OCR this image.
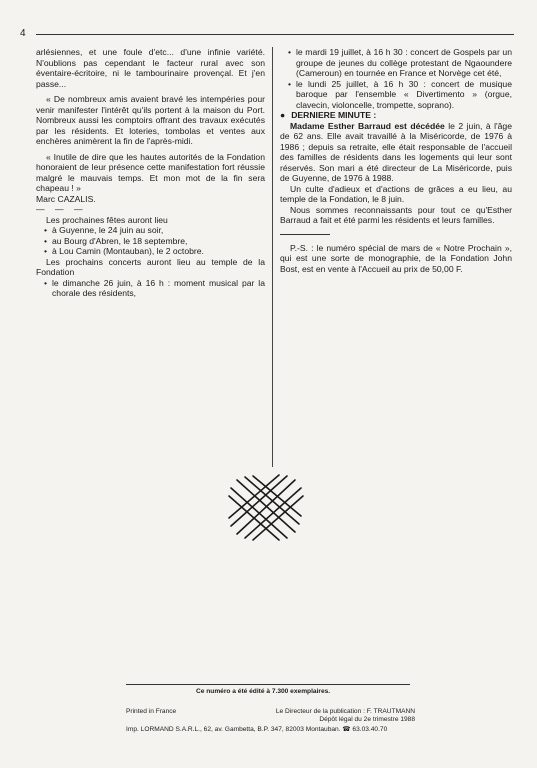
4

arlésiennes, et une foule d'etc... d'une infinie variété. N'oublions pas cependant le facteur rural avec son éventaire-écritoire, ni le tambourinaire provençal. Et j'en passe...

« De nombreux amis avaient bravé les intempéries pour venir manifester l'intérêt qu'ils portent à la maison du Port. Nombreux aussi les comptoirs offrant des travaux exécutés par les résidents. Et loteries, tombolas et ventes aux enchères animèrent la fin de l'après-midi.

« Inutile de dire que les hautes autorités de la Fondation honoraient de leur présence cette manifestation fort réussie malgré le mauvais temps. Et mon mot de la fin sera chapeau ! »

Marc CAZALIS.

— — —

Les prochaines fêtes auront lieu

• à Guyenne, le 24 juin au soir,

• au Bourg d'Abren, le 18 septembre,

• à Lou Camin (Montauban), le 2 octobre.

Les prochains concerts auront lieu au temple de la Fondation

• le dimanche 26 juin, à 16 h : moment musical par la chorale des résidents,

• le mardi 19 juillet, à 16 h 30 : concert de Gospels par un groupe de jeunes du collège protestant de Ngaoundere (Cameroun) en tournée en France et Norvège cet été,

• le lundi 25 juillet, à 16 h 30 : concert de musique baroque par l'ensemble « Divertimento » (orgue, clavecin, violoncelle, trompette, soprano).

● DERNIERE MINUTE :

Madame Esther Barraud est décédée le 2 juin, à l'âge de 62 ans. Elle avait travaillé à la Miséricorde, de 1976 à 1986 ; depuis sa retraite, elle était responsable de l'accueil des familles de résidents dans les logements qui leur sont réservés. Son mari a été directeur de La Miséricorde, puis de Guyenne, de 1976 à 1988.

Un culte d'adieux et d'actions de grâces a eu lieu, au temple de la Fondation, le 8 juin.

Nous sommes reconnaissants pour tout ce qu'Esther Barraud a fait et été parmi les résidents et leurs familles.

P.-S. : le numéro spécial de mars de « Notre Prochain », qui est une sorte de monographie, de la Fondation John Bost, est en vente à l'Accueil au prix de 50,00 F.

Ce numéro a été édité à 7.300 exemplaires.
Printed in France	Le Directeur de la publication : F. TRAUTMANN
Dépôt légal du 2e trimestre 1988
Imp. LORMAND S.A.R.L., 62, av. Gambetta, B.P. 347, 82003 Montauban. ☎ 63.03.40.70
